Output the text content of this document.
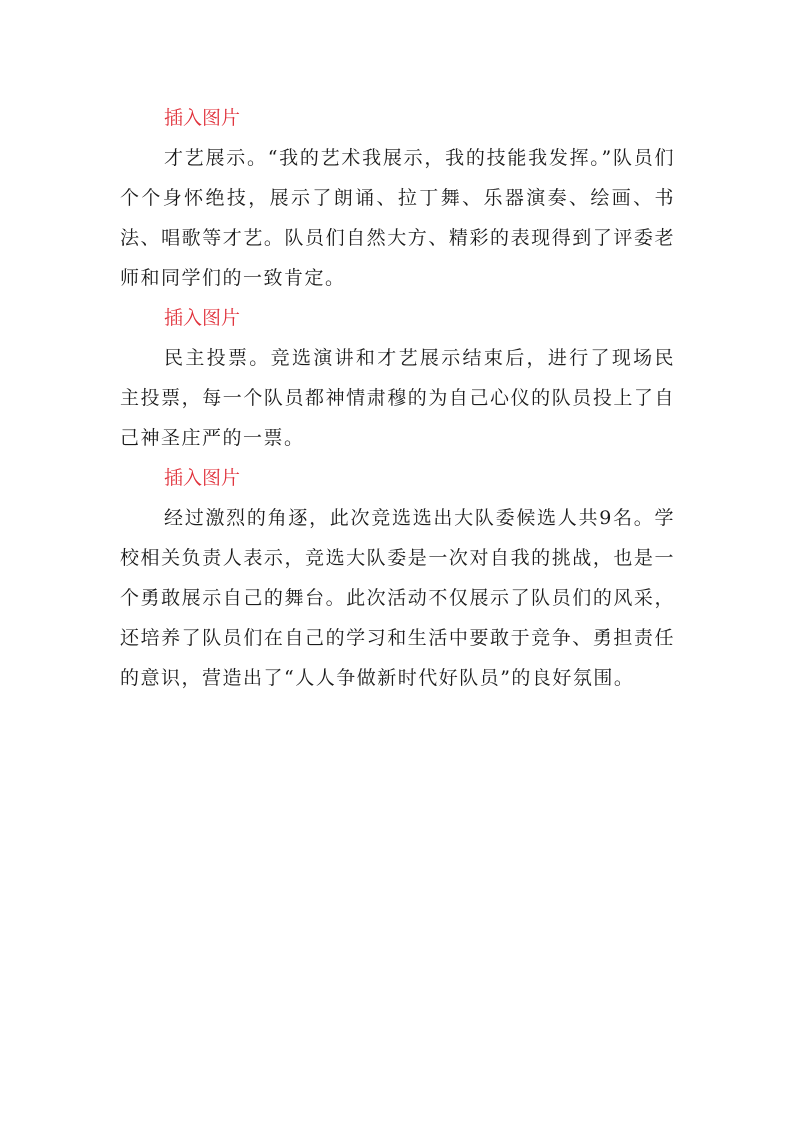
插入图片

才艺展示。“我的艺术我展示，我的技能我发挥。”队员们个个身怀绝技，展示了朗诵、拉丁舞、乐器演奏、绘画、书法、唱歌等才艺。队员们自然大方、精彩的表现得到了评委老师和同学们的一致肯定。

插入图片

民主投票。竞选演讲和才艺展示结束后，进行了现场民主投票，每一个队员都神情肃穆的为自己心仪的队员投上了自己神圣庄严的一票。

插入图片

经过激烈的角逐，此次竞选选出大队委候选人共9名。学校相关负责人表示，竞选大队委是一次对自我的挑战，也是一个勇敢展示自己的舞台。此次活动不仅展示了队员们的风采，还培养了队员们在自己的学习和生活中要敢于竞争、勇担责任的意识，营造出了“人人争做新时代好队员”的良好氛围。
